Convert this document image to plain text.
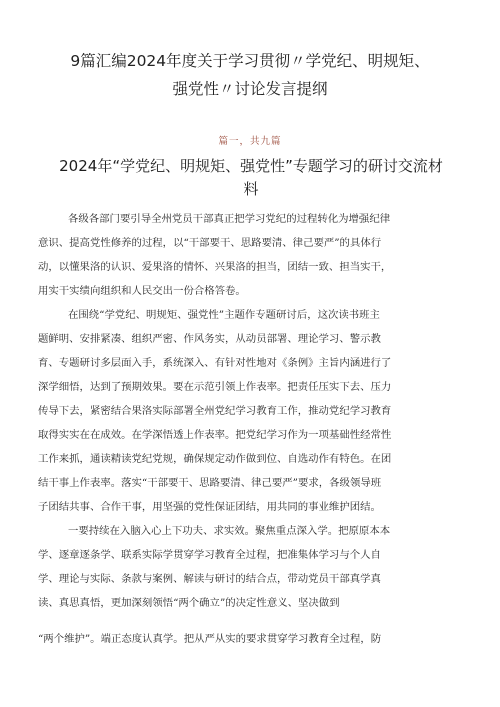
9篇汇编2024年度关于学习贯彻〃学党纪、明规矩、
强党性〃讨论发言提纲
篇一，共九篇
2024年“学党纪、明规矩、强党性”专题学习的研讨交流材
料
各级各部门要引导全州党员干部真正把学习党纪的过程转化为增强纪律
意识、提高党性修养的过程，以“干部要干、思路要清、律己要严”的具体行
动，以懂果洛的认识、爱果洛的情怀、兴果洛的担当，团结一致、担当实干，
用实干实绩向组织和人民交出一份合格答卷。
在围绕“学党纪、明规矩、强党性”主题作专题研讨后，这次读书班主
题鲜明、安排紧凑、组织严密、作风务实，从动员部署、理论学习、警示教
育、专题研讨多层面入手，系统深入、有针对性地对《条例》主旨内涵进行了
深学细悟，达到了预期效果。要在示范引领上作表率。把责任压实下去、压力
传导下去，紧密结合果洛实际部署全州党纪学习教育工作，推动党纪学习教育
取得实实在在成效。在学深悟透上作表率。把党纪学习作为一项基础性经常性
工作来抓，通读精读党纪党规，确保规定动作做到位、自选动作有特色。在团
结干事上作表率。落实“干部要干、思路要清、律己要严”要求，各级领导班
子团结共事、合作干事，用坚强的党性保证团结，用共同的事业维护团结。
一要持续在入脑入心上下功夫、求实效。聚焦重点深入学。把原原本本
学、逐章逐条学、联系实际学贯穿学习教育全过程，把准集体学习与个人自
学、理论与实际、条款与案例、解读与研讨的结合点，带动党员干部真学真
读、真思真悟，更加深刻领悟“两个确立”的决定性意义、坚决做到
“两个维护”。端正态度认真学。把从严从实的要求贯穿学习教育全过程，防
